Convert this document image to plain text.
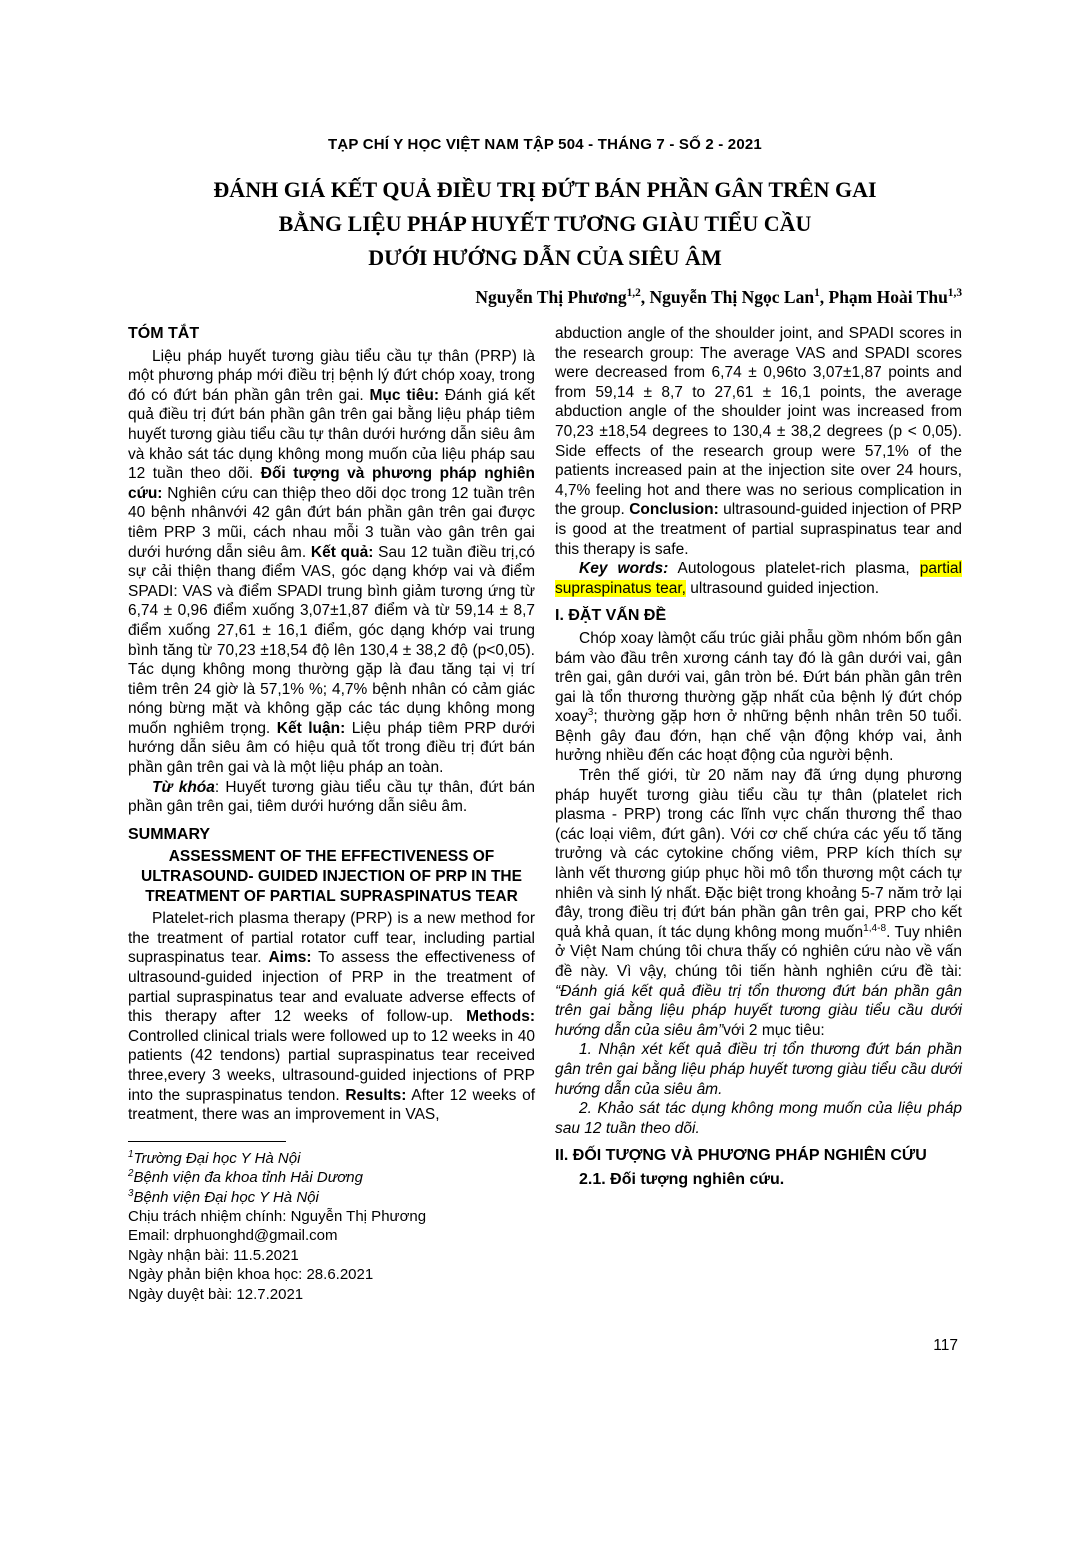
TẠP CHÍ Y HỌC VIỆT NAM TẬP 504 - THÁNG 7 - SỐ 2 - 2021
ĐÁNH GIÁ KẾT QUẢ ĐIỀU TRỊ ĐỨT BÁN PHẦN GÂN TRÊN GAI
BẰNG LIỆU PHÁP HUYẾT TƯƠNG GIÀU TIỂU CẦU
DƯỚI HƯỚNG DẪN CỦA SIÊU ÂM
Nguyễn Thị Phương$^{1,2}$, Nguyễn Thị Ngọc Lan$^1$, Phạm Hoài Thu$^{1,3}$
TÓM TẮT

Liệu pháp huyết tương giàu tiểu cầu tự thân (PRP) là một phương pháp mới điều trị bệnh lý đứt chóp xoay, trong đó có đứt bán phần gân trên gai. Mục tiêu: Đánh giá kết quả điều trị đứt bán phần gân trên gai bằng liệu pháp tiêm huyết tương giàu tiểu cầu tự thân dưới hướng dẫn siêu âm và khảo sát tác dụng không mong muốn của liệu pháp sau 12 tuần theo dõi. Đối tượng và phương pháp nghiên cứu: Nghiên cứu can thiệp theo dõi dọc trong 12 tuần trên 40 bệnh nhânvới 42 gân đứt bán phần gân trên gai được tiêm PRP 3 mũi, cách nhau mỗi 3 tuần vào gân trên gai dưới hướng dẫn siêu âm. Kết quả: Sau 12 tuần điều trị,có sự cải thiện thang điểm VAS, góc dạng khớp vai và điểm SPADI: VAS và điểm SPADI trung bình giảm tương ứng từ 6,74 ± 0,96 điểm xuống 3,07±1,87 điểm và từ 59,14 ± 8,7 điểm xuống 27,61 ± 16,1 điểm, góc dạng khớp vai trung bình tăng từ 70,23 ±18,54 độ lên 130,4 ± 38,2 độ (p<0,05). Tác dụng không mong thường gặp là đau tăng tại vị trí tiêm trên 24 giờ là 57,1% %; 4,7% bệnh nhân có cảm giác nóng bừng mặt và không gặp các tác dụng không mong muốn nghiêm trọng. Kết luận: Liệu pháp tiêm PRP dưới hướng dẫn siêu âm có hiệu quả tốt trong điều trị đứt bán phần gân trên gai và là một liệu pháp an toàn.

Từ khóa: Huyết tương giàu tiểu cầu tự thân, đứt bán phần gân trên gai, tiêm dưới hướng dẫn siêu âm.

SUMMARY
ASSESSMENT OF THE EFFECTIVENESS OF ULTRASOUND- GUIDED INJECTION OF PRP IN THE TREATMENT OF PARTIAL SUPRASPINATUS TEAR

Platelet-rich plasma therapy (PRP) is a new method for the treatment of partial rotator cuff tear, including partial supraspinatus tear. Aims: To assess the effectiveness of ultrasound-guided injection of PRP in the treatment of partial supraspinatus tear and evaluate adverse effects of this therapy after 12 weeks of follow-up. Methods: Controlled clinical trials were followed up to 12 weeks in 40 patients (42 tendons) partial supraspinatus tear received three,every 3 weeks, ultrasound-guided injections of PRP into the supraspinatus tendon. Results: After 12 weeks of treatment, there was an improvement in VAS,

$^1$Trường Đại học Y Hà Nội
$^2$Bệnh viện đa khoa tỉnh Hải Dương
$^3$Bệnh viện Đại học Y Hà Nội
Chịu trách nhiệm chính: Nguyễn Thị Phương
Email: drphuonghd@gmail.com
Ngày nhận bài: 11.5.2021
Ngày phản biện khoa học: 28.6.2021
Ngày duyệt bài: 12.7.2021

abduction angle of the shoulder joint, and SPADI scores in the research group: The average VAS and SPADI scores were decreased from 6,74 ± 0,96to 3,07±1,87 points and from 59,14 ± 8,7 to 27,61 ± 16,1 points, the average abduction angle of the shoulder joint was increased from 70,23 ±18,54 degrees to 130,4 ± 38,2 degrees (p < 0,05). Side effects of the research group were 57,1% of the patients increased pain at the injection site over 24 hours, 4,7% feeling hot and there was no serious complication in the group. Conclusion: ultrasound-guided injection of PRP is good at the treatment of partial supraspinatus tear and this therapy is safe.

Key words: Autologous platelet-rich plasma, partial supraspinatus tear, ultrasound guided injection.

I. ĐẶT VẤN ĐỀ

Chóp xoay làmột cấu trúc giải phẫu gồm nhóm bốn gân bám vào đầu trên xương cánh tay đó là gân dưới vai, gân trên gai, gân dưới vai, gân tròn bé. Đứt bán phần gân trên gai là tổn thương thường gặp nhất của bệnh lý đứt chóp xoay$^3$; thường gặp hơn ở những bệnh nhân trên 50 tuổi. Bệnh gây đau đớn, hạn chế vận động khớp vai, ảnh hưởng nhiều đến các hoạt động của người bệnh.

Trên thế giới, từ 20 năm nay đã ứng dụng phương pháp huyết tương giàu tiểu cầu tự thân (platelet rich plasma - PRP) trong các lĩnh vực chấn thương thể thao (các loại viêm, đứt gân). Với cơ chế chứa các yếu tố tăng trưởng và các cytokine chống viêm, PRP kích thích sự lành vết thương giúp phục hồi mô tổn thương một cách tự nhiên và sinh lý nhất. Đặc biệt trong khoảng 5-7 năm trở lại đây, trong điều trị đứt bán phần gân trên gai, PRP cho kết quả khả quan, ít tác dụng không mong muốn$^{1,4-8}$. Tuy nhiên ở Việt Nam chúng tôi chưa thấy có nghiên cứu nào về vấn đề này. Vì vậy, chúng tôi tiến hành nghiên cứu đề tài: “Đánh giá kết quả điều trị tổn thương đứt bán phần gân trên gai bằng liệu pháp huyết tương giàu tiểu cầu dưới hướng dẫn của siêu âm”với 2 mục tiêu:

1. Nhận xét kết quả điều trị tổn thương đứt bán phần gân trên gai bằng liệu pháp huyết tương giàu tiểu cầu dưới hướng dẫn của siêu âm.

2. Khảo sát tác dụng không mong muốn của liệu pháp sau 12 tuần theo dõi.

II. ĐỐI TƯỢNG VÀ PHƯƠNG PHÁP NGHIÊN CỨU
2.1. Đối tượng nghiên cứu.
117
